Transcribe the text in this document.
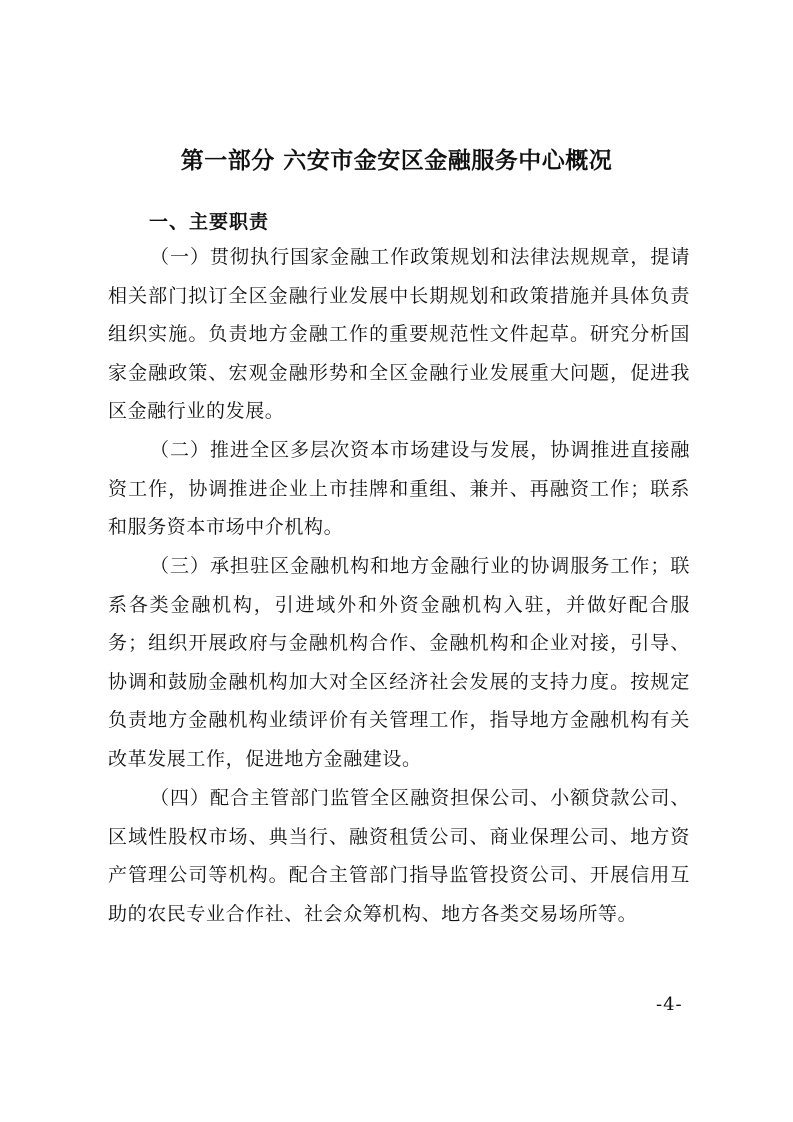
第一部分 六安市金安区金融服务中心概况
一、主要职责

（一）贯彻执行国家金融工作政策规划和法律法规规章，提请相关部门拟订全区金融行业发展中长期规划和政策措施并具体负责组织实施。负责地方金融工作的重要规范性文件起草。研究分析国家金融政策、宏观金融形势和全区金融行业发展重大问题，促进我区金融行业的发展。

（二）推进全区多层次资本市场建设与发展，协调推进直接融资工作，协调推进企业上市挂牌和重组、兼并、再融资工作；联系和服务资本市场中介机构。

（三）承担驻区金融机构和地方金融行业的协调服务工作；联系各类金融机构，引进域外和外资金融机构入驻，并做好配合服务；组织开展政府与金融机构合作、金融机构和企业对接，引导、协调和鼓励金融机构加大对全区经济社会发展的支持力度。按规定负责地方金融机构业绩评价有关管理工作，指导地方金融机构有关改革发展工作，促进地方金融建设。

（四）配合主管部门监管全区融资担保公司、小额贷款公司、区域性股权市场、典当行、融资租赁公司、商业保理公司、地方资产管理公司等机构。配合主管部门指导监管投资公司、开展信用互助的农民专业合作社、社会众筹机构、地方各类交易场所等。

-4-
